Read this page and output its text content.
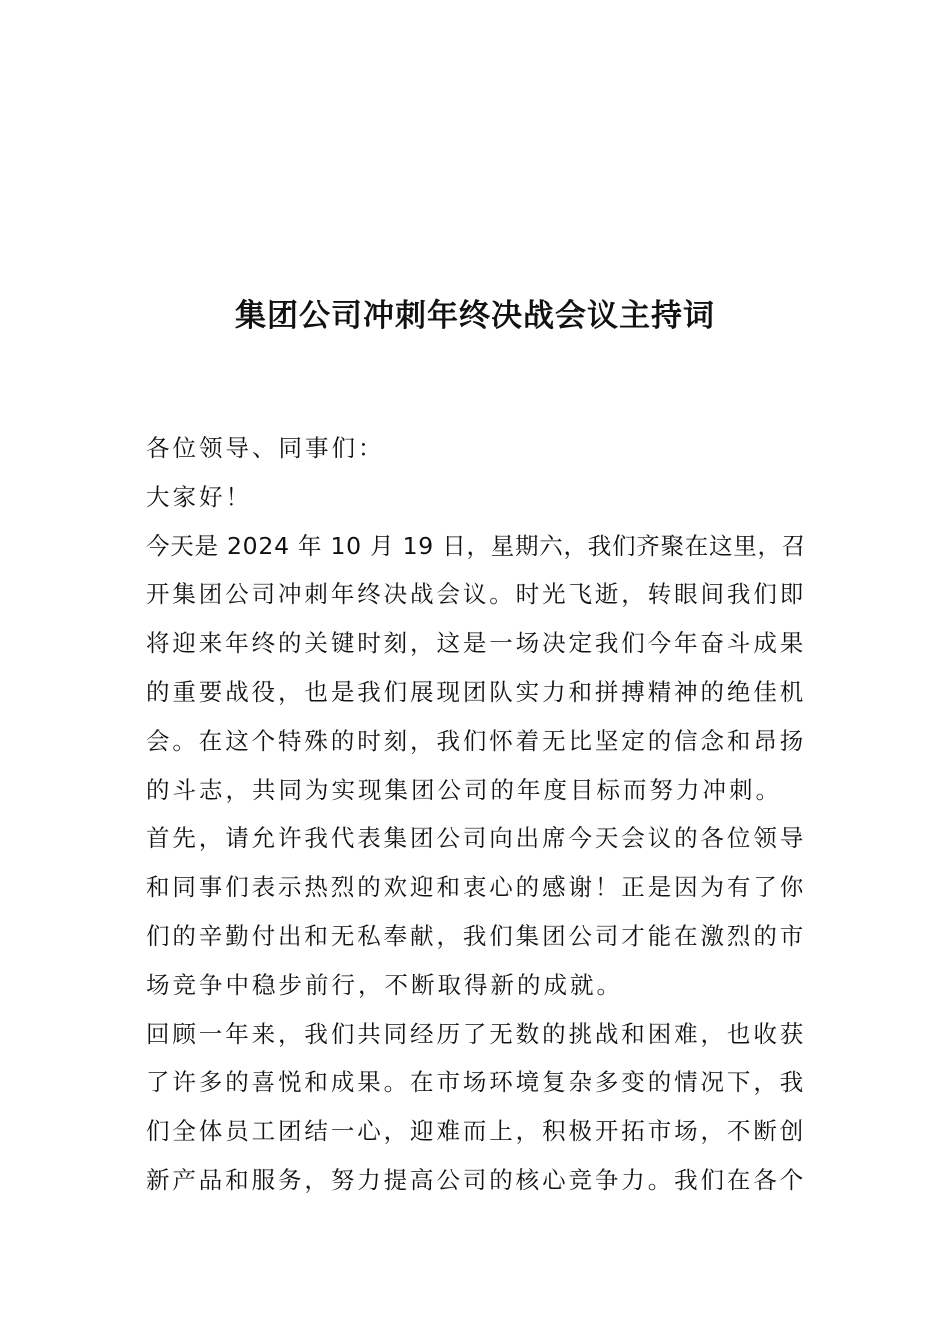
集团公司冲刺年终决战会议主持词
各位领导、同事们：
大家好！
今天是 2024 年 10 月 19 日，星期六，我们齐聚在这里，召
开集团公司冲刺年终决战会议。时光飞逝，转眼间我们即
将迎来年终的关键时刻，这是一场决定我们今年奋斗成果
的重要战役，也是我们展现团队实力和拼搏精神的绝佳机
会。在这个特殊的时刻，我们怀着无比坚定的信念和昂扬
的斗志，共同为实现集团公司的年度目标而努力冲刺。
首先，请允许我代表集团公司向出席今天会议的各位领导
和同事们表示热烈的欢迎和衷心的感谢！正是因为有了你
们的辛勤付出和无私奉献，我们集团公司才能在激烈的市
场竞争中稳步前行，不断取得新的成就。
回顾一年来，我们共同经历了无数的挑战和困难，也收获
了许多的喜悦和成果。在市场环境复杂多变的情况下，我
们全体员工团结一心，迎难而上，积极开拓市场，不断创
新产品和服务，努力提高公司的核心竞争力。我们在各个
